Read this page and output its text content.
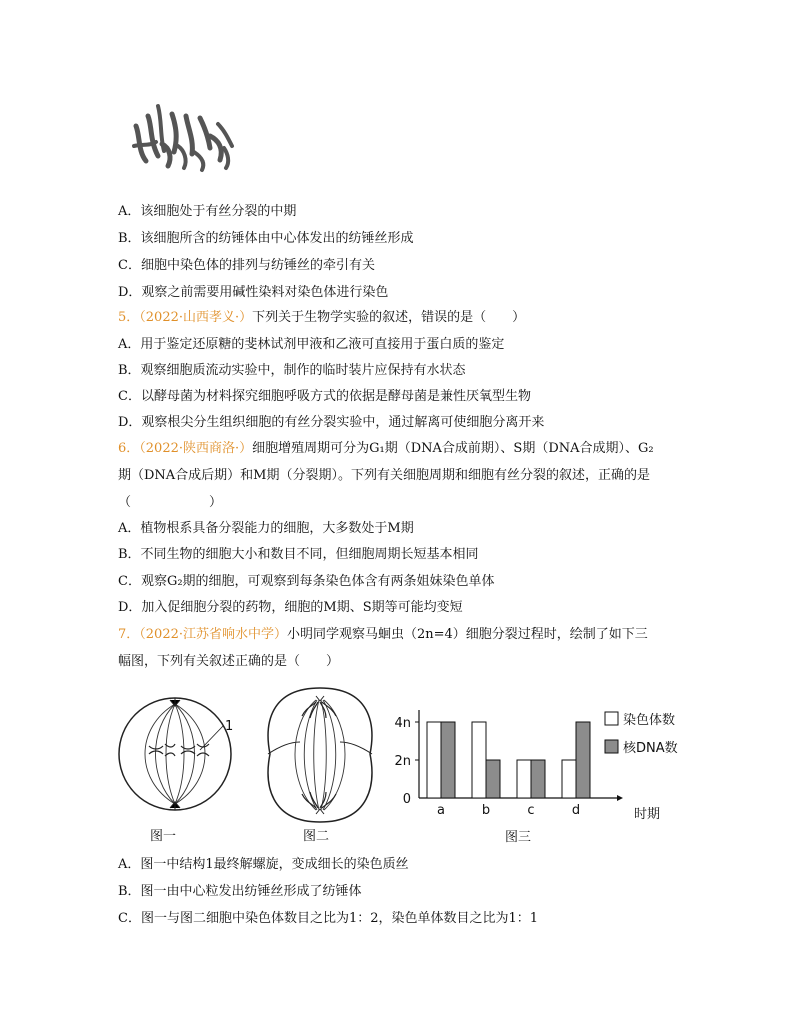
A．该细胞处于有丝分裂的中期
B．该细胞所含的纺锤体由中心体发出的纺锤丝形成
C．细胞中染色体的排列与纺锤丝的牵引有关
D．观察之前需要用碱性染料对染色体进行染色
5．（2022·山西孝义·）下列关于生物学实验的叙述，错误的是（　　）
A．用于鉴定还原糖的斐林试剂甲液和乙液可直接用于蛋白质的鉴定
B．观察细胞质流动实验中，制作的临时装片应保持有水状态
C．以酵母菌为材料探究细胞呼吸方式的依据是酵母菌是兼性厌氧型生物
D．观察根尖分生组织细胞的有丝分裂实验中，通过解离可使细胞分离开来
6．（2022·陕西商洛·）细胞增殖周期可分为G₁期（DNA合成前期）、S期（DNA合成期）、G₂
期（DNA合成后期）和M期（分裂期）。下列有关细胞周期和细胞有丝分裂的叙述，正确的是
（　　　　　　）
A．植物根系具备分裂能力的细胞，大多数处于M期
B．不同生物的细胞大小和数目不同，但细胞周期长短基本相同
C．观察G₂期的细胞，可观察到每条染色体含有两条姐妹染色单体
D．加入促细胞分裂的药物，细胞的M期、S期等可能均变短
7．（2022·江苏省响水中学）小明同学观察马蛔虫（2n=4）细胞分裂过程时，绘制了如下三
幅图，下列有关叙述正确的是（　　）
1
图一	图二
0
2n
4n
a	b	c	d	时期
染色体数
核DNA数
图三
A．图一中结构1最终解螺旋，变成细长的染色质丝
B．图一由中心粒发出纺锤丝形成了纺锤体
C．图一与图二细胞中染色体数目之比为1：2，染色单体数目之比为1：1
